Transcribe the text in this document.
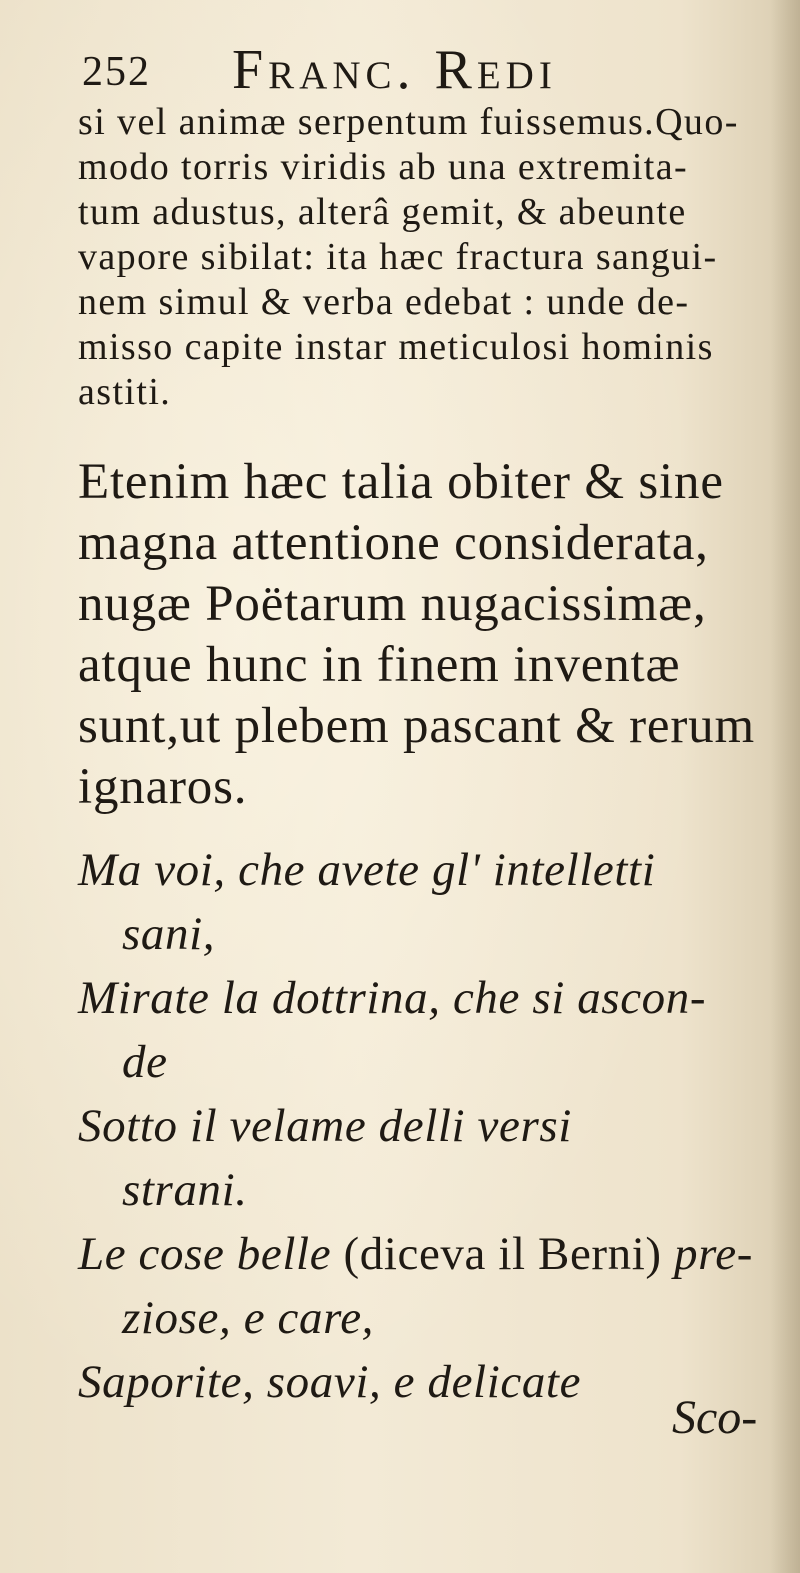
252 Franc. Redi
si vel animæ serpentum fuissemus.Quo-
modo torris viridis ab una extremita-
tum adustus, alterâ gemit, & abeunte
vapore sibilat: ita hæc fractura sangui-
nem simul & verba edebat : unde de-
misso capite instar meticulosi hominis
astiti.
Etenim hæc talia obiter & sine
magna attentione considerata,
nugæ Poëtarum nugacissimæ,
atque hunc in finem inventæ
sunt,ut plebem pascant & rerum
ignaros.
Ma voi, che avete gl' intelletti
sani,
Mirate la dottrina, che si ascon-
de
Sotto il velame delli versi
strani.
Le cose belle (diceva il Berni) pre-
ziose, e care,
Saporite, soavi, e delicate
Sco-
